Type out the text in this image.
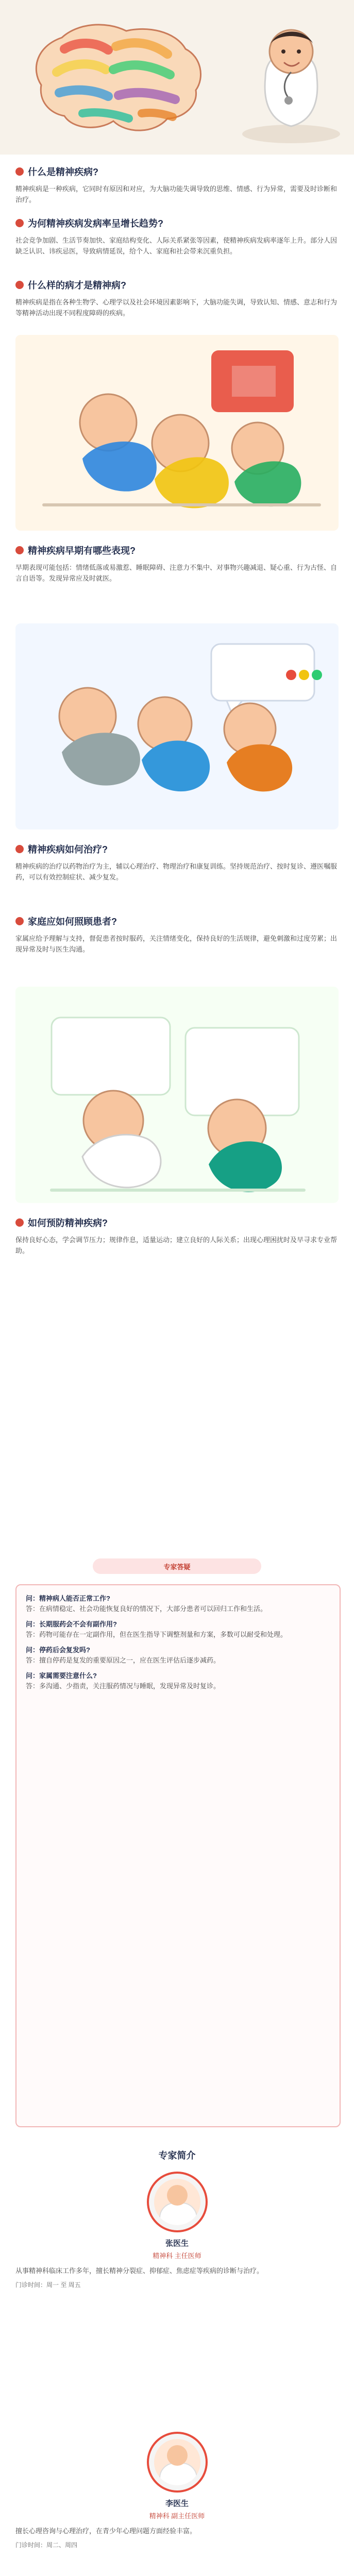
什么是精神疾病?

精神疾病是一种疾病，它同时有原因和对应，为大脑功能失调导致的思维、情感、行为异常，需要及时诊断和治疗。

为何精神疾病发病率呈增长趋势?

社会竞争加剧、生活节奏加快、家庭结构变化、人际关系紧张等因素，使精神疾病发病率逐年上升。部分人因缺乏认识、讳疾忌医，导致病情延误，给个人、家庭和社会带来沉重负担。

什么样的病才是精神病?

精神疾病是指在各种生物学、心理学以及社会环境因素影响下，大脑功能失调，导致认知、情感、意志和行为等精神活动出现不同程度障碍的疾病。

精神疾病早期有哪些表现?

早期表现可能包括：情绪低落或易激惹、睡眠障碍、注意力不集中、对事物兴趣减退、疑心重、行为古怪、自言自语等。发现异常应及时就医。

精神疾病如何治疗?

精神疾病的治疗以药物治疗为主，辅以心理治疗、物理治疗和康复训练。坚持规范治疗、按时复诊、遵医嘱服药，可以有效控制症状、减少复发。

家庭应如何照顾患者?

家属应给予理解与支持，督促患者按时服药，关注情绪变化，保持良好的生活规律，避免刺激和过度劳累；出现异常及时与医生沟通。

如何预防精神疾病?

保持良好心态，学会调节压力；规律作息，适量运动；建立良好的人际关系；出现心理困扰时及早寻求专业帮助。

专家答疑
问：精神病人能否正常工作?
答：在病情稳定、社会功能恢复良好的情况下，大部分患者可以回归工作和生活。
问：长期服药会不会有副作用?
答：药物可能存在一定副作用，但在医生指导下调整剂量和方案，多数可以耐受和处理。
问：停药后会复发吗?
答：擅自停药是复发的重要原因之一，应在医生评估后逐步减药。
问：家属需要注意什么?
答：多沟通、少指责，关注服药情况与睡眠，发现异常及时复诊。
专家简介
张医生
精神科 主任医师
从事精神科临床工作多年，擅长精神分裂症、抑郁症、焦虑症等疾病的诊断与治疗。
门诊时间：周一 至 周五
李医生
精神科 副主任医师
擅长心理咨询与心理治疗，在青少年心理问题方面经验丰富。
门诊时间：周二、周四
